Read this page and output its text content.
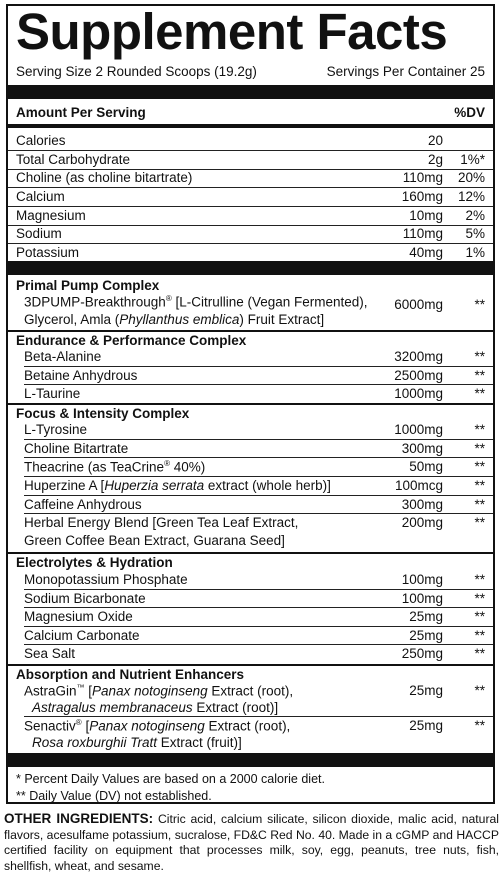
Supplement Facts
Serving Size 2 Rounded Scoops (19.2g)	Servings Per Container 25
Amount Per Serving	%DV
Calories	20
Total Carbohydrate	2g 1%*
Choline (as choline bitartrate)	110mg 20%
Calcium	160mg 12%
Magnesium	10mg 2%
Sodium	110mg 5%
Potassium	40mg 1%
Primal Pump Complex
3DPUMP-Breakthrough® [L-Citrulline (Vegan Fermented),
Glycerol, Amla (Phyllanthus emblica) Fruit Extract]
6000mg **
Endurance & Performance Complex
Beta-Alanine	3200mg **
Betaine Anhydrous	2500mg **
L-Taurine	1000mg **
Focus & Intensity Complex
L-Tyrosine	1000mg **
Choline Bitartrate	300mg **
Theacrine (as TeaCrine® 40%)	50mg **
Huperzine A [Huperzia serrata extract (whole herb)]	100mcg **
Caffeine Anhydrous	300mg **
Herbal Energy Blend [Green Tea Leaf Extract,
Green Coffee Bean Extract, Guarana Seed]
200mg **
Electrolytes & Hydration
Monopotassium Phosphate	100mg **
Sodium Bicarbonate	100mg **
Magnesium Oxide	25mg **
Calcium Carbonate	25mg **
Sea Salt	250mg **
Absorption and Nutrient Enhancers
AstraGin™ [Panax notoginseng Extract (root),
Astragalus membranaceus Extract (root)]
25mg **
Senactiv® [Panax notoginseng Extract (root),
Rosa roxburghii Tratt Extract (fruit)]
25mg **
* Percent Daily Values are based on a 2000 calorie diet.
** Daily Value (DV) not established.
OTHER INGREDIENTS: Citric acid, calcium silicate, silicon dioxide, malic acid, natural flavors, acesulfame potassium, sucralose, FD&C Red No. 40. Made in a cGMP and HACCP certified facility on equipment that processes milk, soy, egg, peanuts, tree nuts, fish, shellfish, wheat, and sesame.
